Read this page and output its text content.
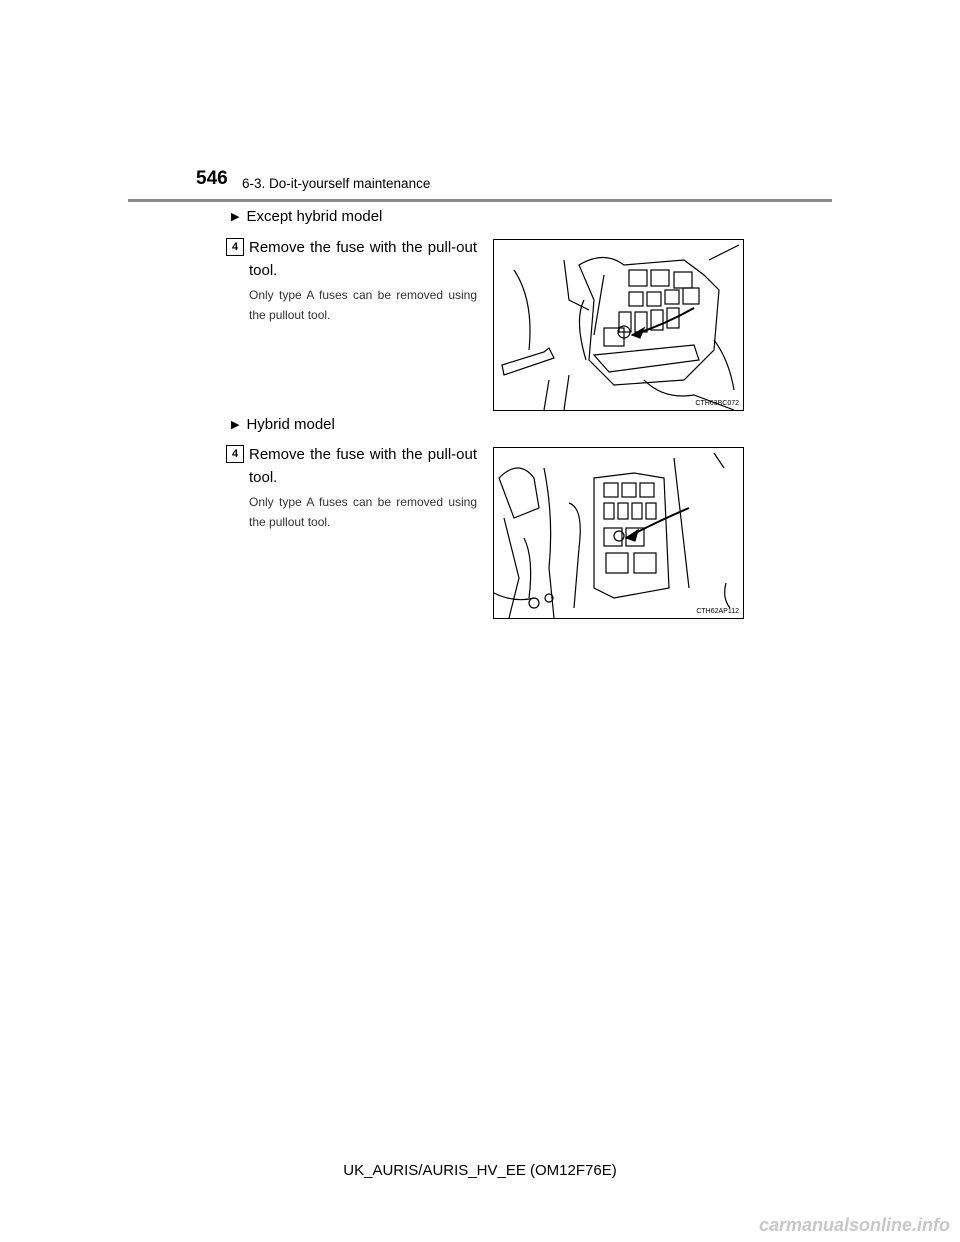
546 6-3. Do-it-yourself maintenance
▶ Except hybrid model
4 Remove the fuse with the pull-out tool.
Only type A fuses can be removed using the pullout tool.
CTH63BC072
▶ Hybrid model
4 Remove the fuse with the pull-out tool.
Only type A fuses can be removed using the pullout tool.
CTH62AP112
UK_AURIS/AURIS_HV_EE (OM12F76E)
carmanualsonline.info
